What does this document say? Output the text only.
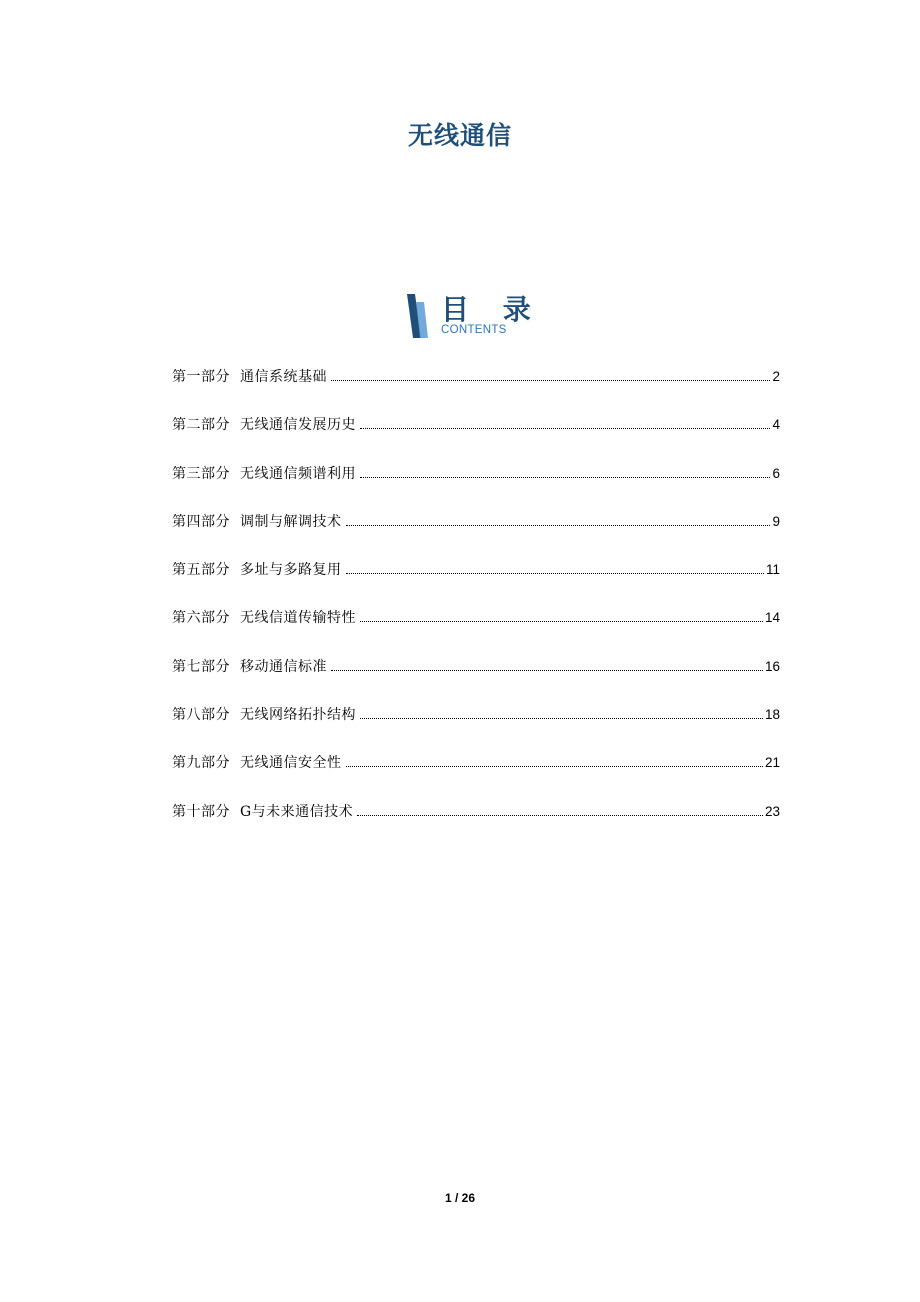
无线通信
目 录
CONTENTS
第一部分 通信系统基础	2
第二部分 无线通信发展历史	4
第三部分 无线通信频谱利用	6
第四部分 调制与解调技术	9
第五部分 多址与多路复用	11
第六部分 无线信道传输特性	14
第七部分 移动通信标准	16
第八部分 无线网络拓扑结构	18
第九部分 无线通信安全性	21
第十部分 G与未来通信技术	23
1 / 26
